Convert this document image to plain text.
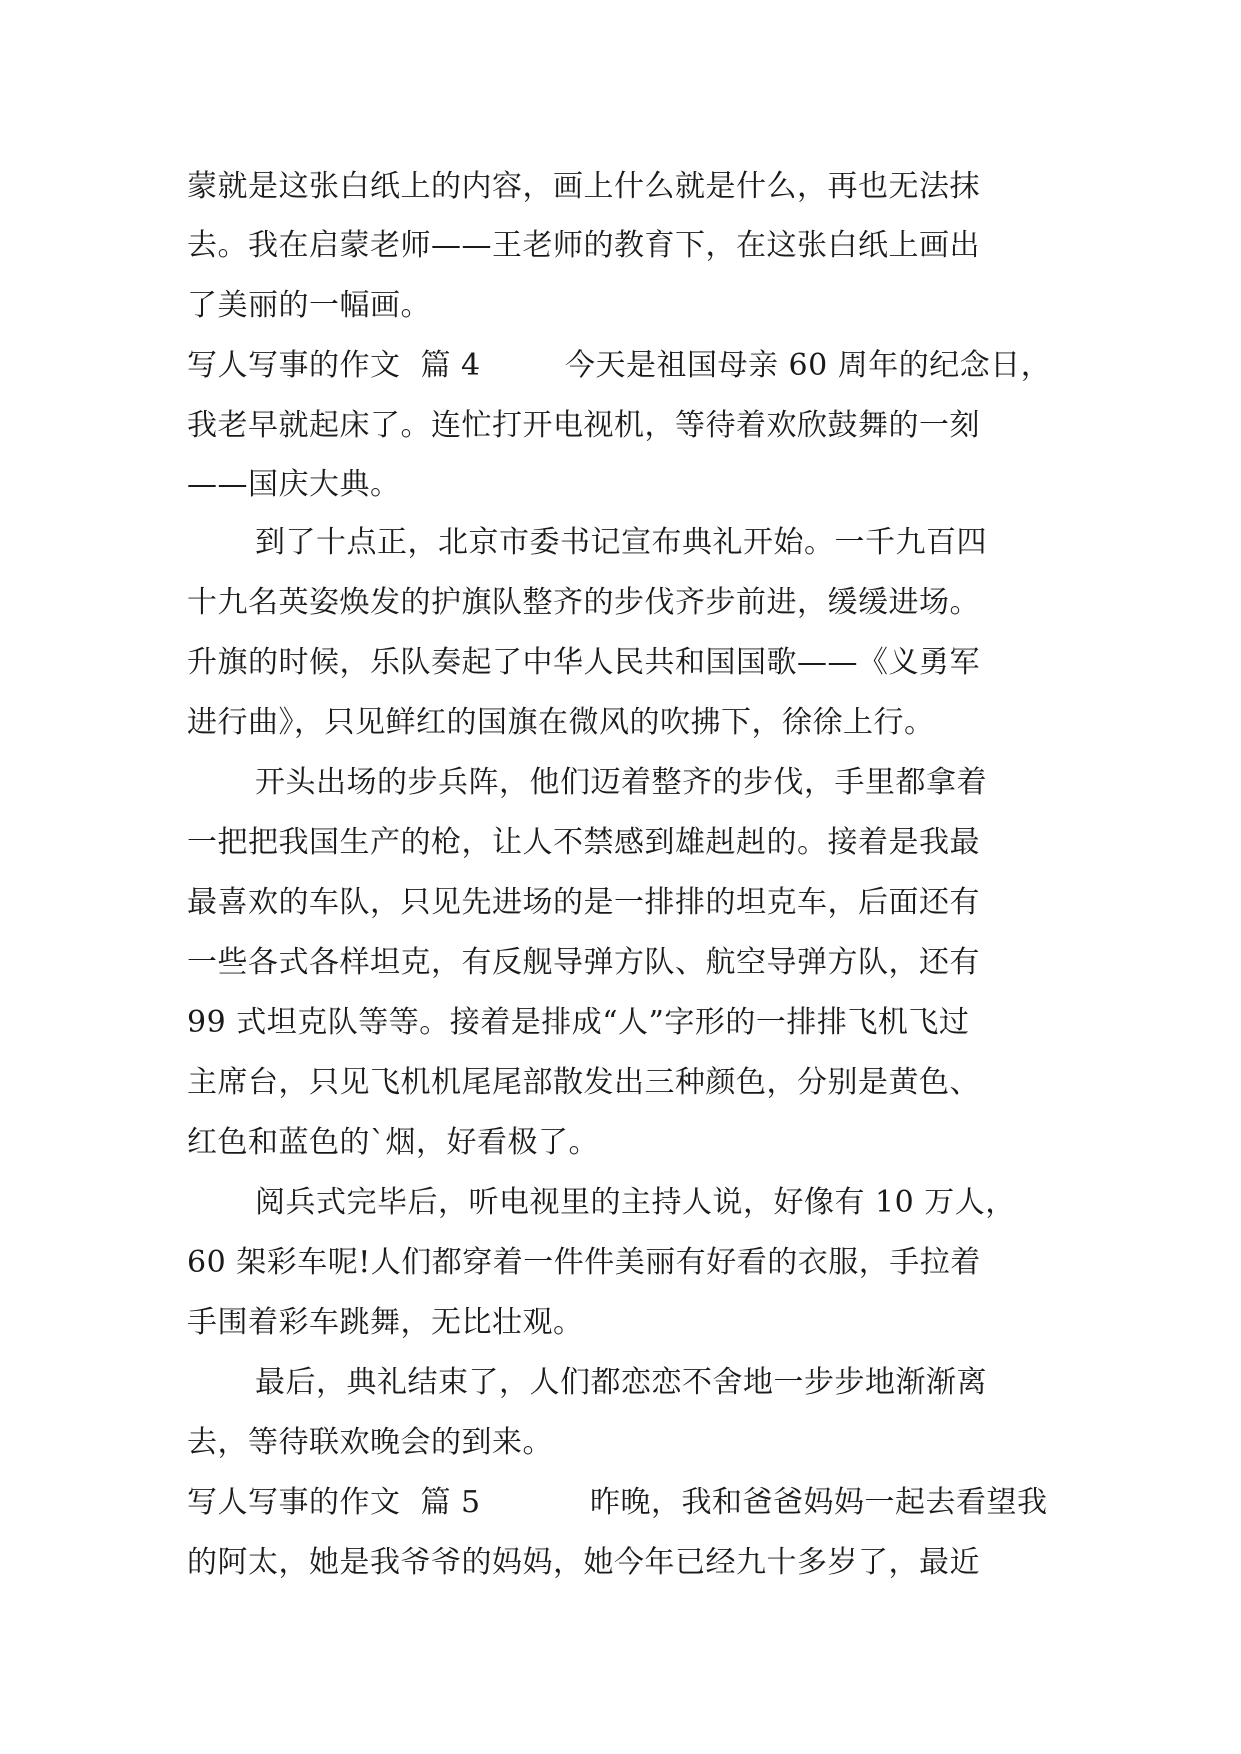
蒙就是这张白纸上的内容，画上什么就是什么，再也无法抹
去。我在启蒙老师——王老师的教育下，在这张白纸上画出
了美丽的一幅画。
写人写事的作文 篇 4	今天是祖国母亲 60 周年的纪念日，
我老早就起床了。连忙打开电视机，等待着欢欣鼓舞的一刻
——国庆大典。
到了十点正，北京市委书记宣布典礼开始。一千九百四
十九名英姿焕发的护旗队整齐的步伐齐步前进，缓缓进场。
升旗的时候，乐队奏起了中华人民共和国国歌——《义勇军
进行曲》，只见鲜红的国旗在微风的吹拂下，徐徐上行。
开头出场的步兵阵，他们迈着整齐的步伐，手里都拿着
一把把我国生产的枪，让人不禁感到雄赳赳的。接着是我最
最喜欢的车队，只见先进场的是一排排的坦克车，后面还有
一些各式各样坦克，有反舰导弹方队、航空导弹方队，还有
99 式坦克队等等。接着是排成“人”字形的一排排飞机飞过
主席台，只见飞机机尾尾部散发出三种颜色，分别是黄色、
红色和蓝色的`烟，好看极了。
阅兵式完毕后，听电视里的主持人说，好像有 10 万人，
60 架彩车呢!人们都穿着一件件美丽有好看的衣服，手拉着
手围着彩车跳舞，无比壮观。
最后，典礼结束了，人们都恋恋不舍地一步步地渐渐离
去，等待联欢晚会的到来。
写人写事的作文 篇 5	昨晚，我和爸爸妈妈一起去看望我
的阿太，她是我爷爷的妈妈，她今年已经九十多岁了，最近
